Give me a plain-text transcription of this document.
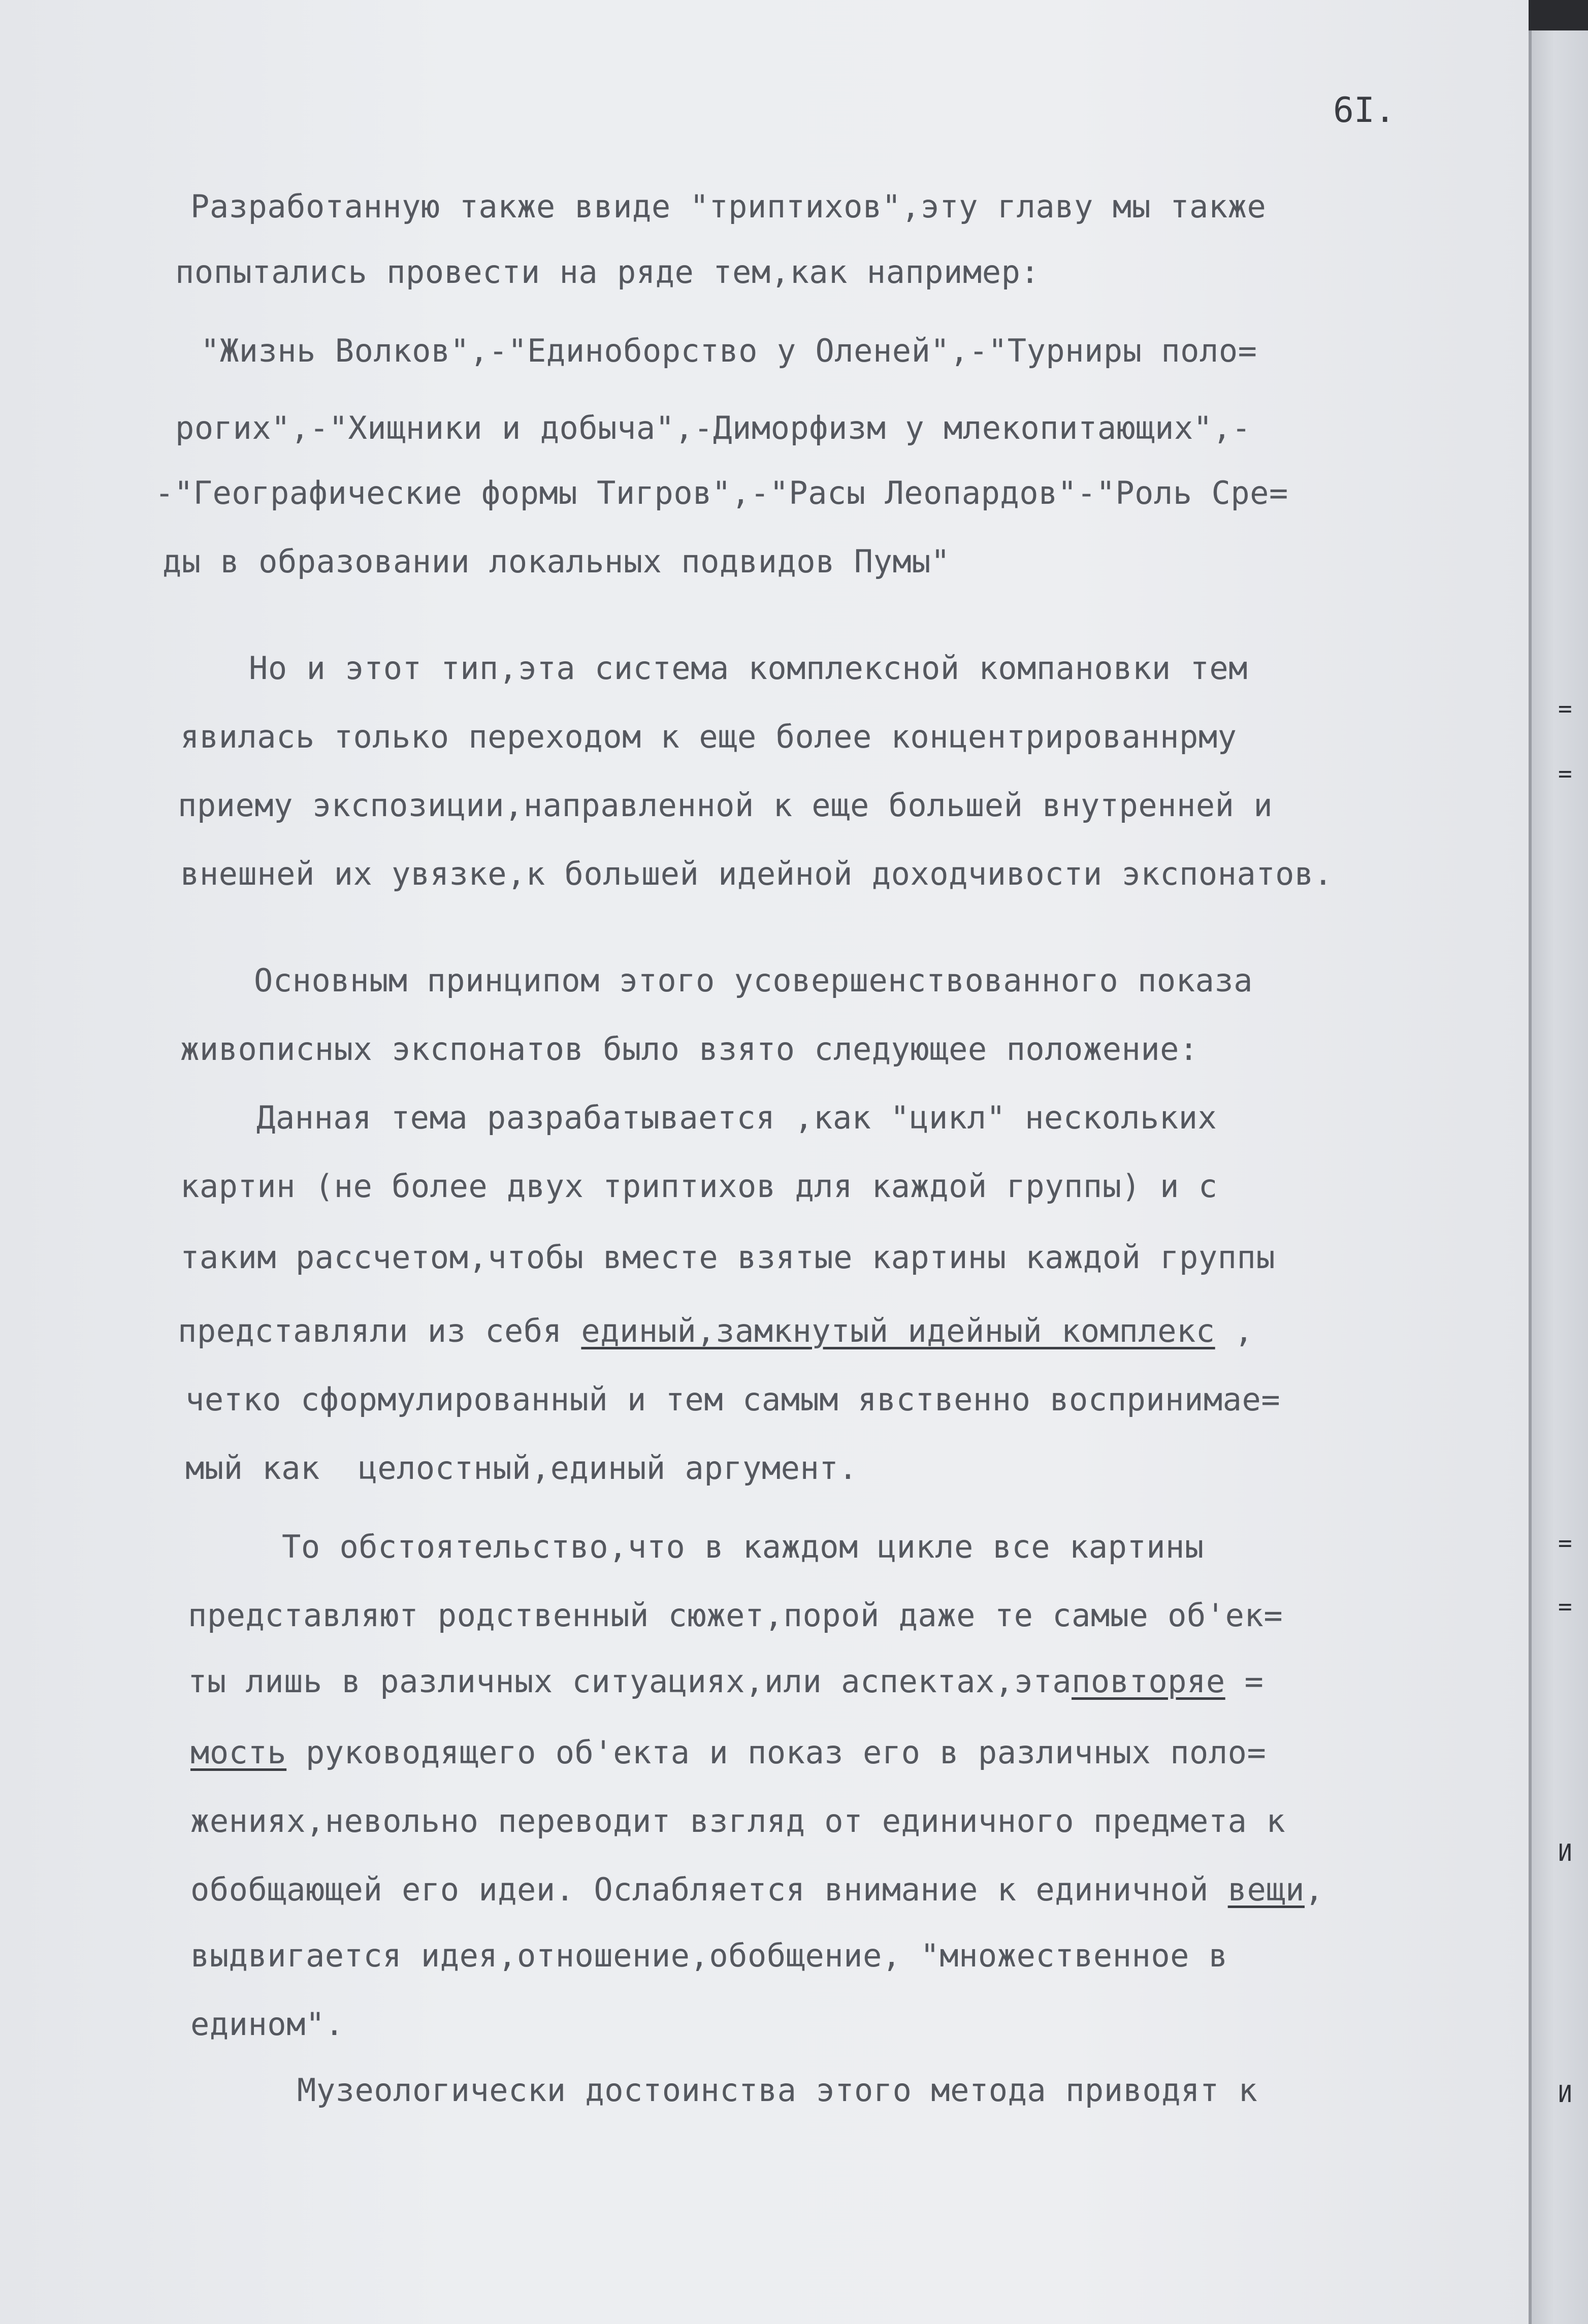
=
=
=
=
И
И
6I.
Разработанную также ввиде "триптихов",эту главу мы также
попытались провести на ряде тем,как например:
"Жизнь Волков",-"Единоборство у Оленей",-"Турниры поло=
рогих",-"Хищники и добыча",-Диморфизм у млекопитающих",-
-"Географические формы Тигров",-"Расы Леопардов"-"Роль Сре=
ды в образовании локальных подвидов Пумы"
Но и этот тип,эта система комплексной компановки тем
явилась только переходом к еще более концентрированнрму
приему экспозиции,направленной к еще большей внутренней и
внешней их увязке,к большей идейной доходчивости экспонатов.
Основным принципом этого усовершенствованного показа
живописных экспонатов было взято следующее положение:
Данная тема разрабатывается ,как "цикл" нескольких
картин (не более двух триптихов для каждой группы) и с
таким рассчетом,чтобы вместе взятые картины каждой группы
представляли из себя единый,замкнутый идейный комплекс ,
четко сформулированный и тем самым явственно воспринимае=
мый как  целостный,единый аргумент.
То обстоятельство,что в каждом цикле все картины
представляют родственный сюжет,порой даже те самые об'ек=
ты лишь в различных ситуациях,или аспектах,этаповторяе =
мость руководящего об'екта и показ его в различных поло=
жениях,невольно переводит взгляд от единичного предмета к
обобщающей его идеи. Ослабляется внимание к единичной вещи,
выдвигается идея,отношение,обобщение, "множественное в
едином".
Музеологически достоинства этого метода приводят к
